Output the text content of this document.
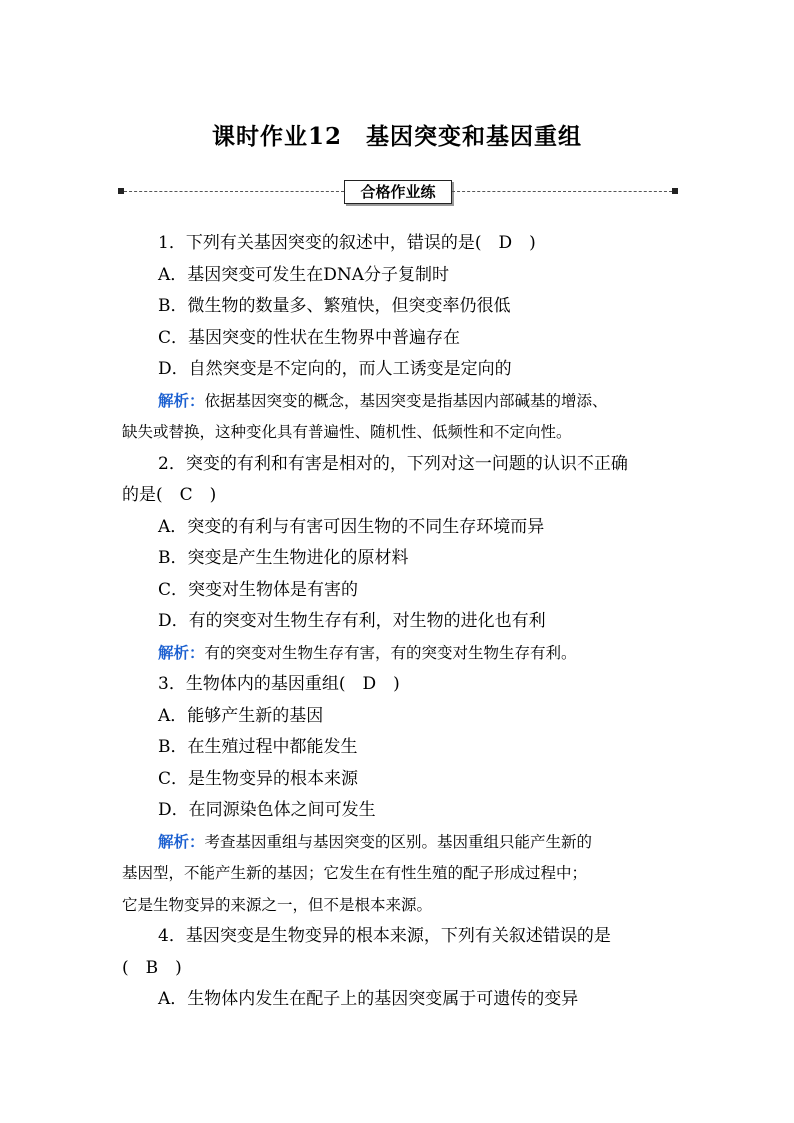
课时作业12　基因突变和基因重组
合格作业练
1．下列有关基因突变的叙述中，错误的是(　D　)
A．基因突变可发生在DNA分子复制时
B．微生物的数量多、繁殖快，但突变率仍很低
C．基因突变的性状在生物界中普遍存在
D．自然突变是不定向的，而人工诱变是定向的
解析：依据基因突变的概念，基因突变是指基因内部碱基的增添、
缺失或替换，这种变化具有普遍性、随机性、低频性和不定向性。
2．突变的有利和有害是相对的，下列对这一问题的认识不正确
的是(　C　)
A．突变的有利与有害可因生物的不同生存环境而异
B．突变是产生生物进化的原材料
C．突变对生物体是有害的
D．有的突变对生物生存有利，对生物的进化也有利
解析：有的突变对生物生存有害，有的突变对生物生存有利。
3．生物体内的基因重组(　D　)
A．能够产生新的基因
B．在生殖过程中都能发生
C．是生物变异的根本来源
D．在同源染色体之间可发生
解析：考查基因重组与基因突变的区别。基因重组只能产生新的
基因型，不能产生新的基因；它发生在有性生殖的配子形成过程中；
它是生物变异的来源之一，但不是根本来源。
4．基因突变是生物变异的根本来源，下列有关叙述错误的是
(　B　)
A．生物体内发生在配子上的基因突变属于可遗传的变异
